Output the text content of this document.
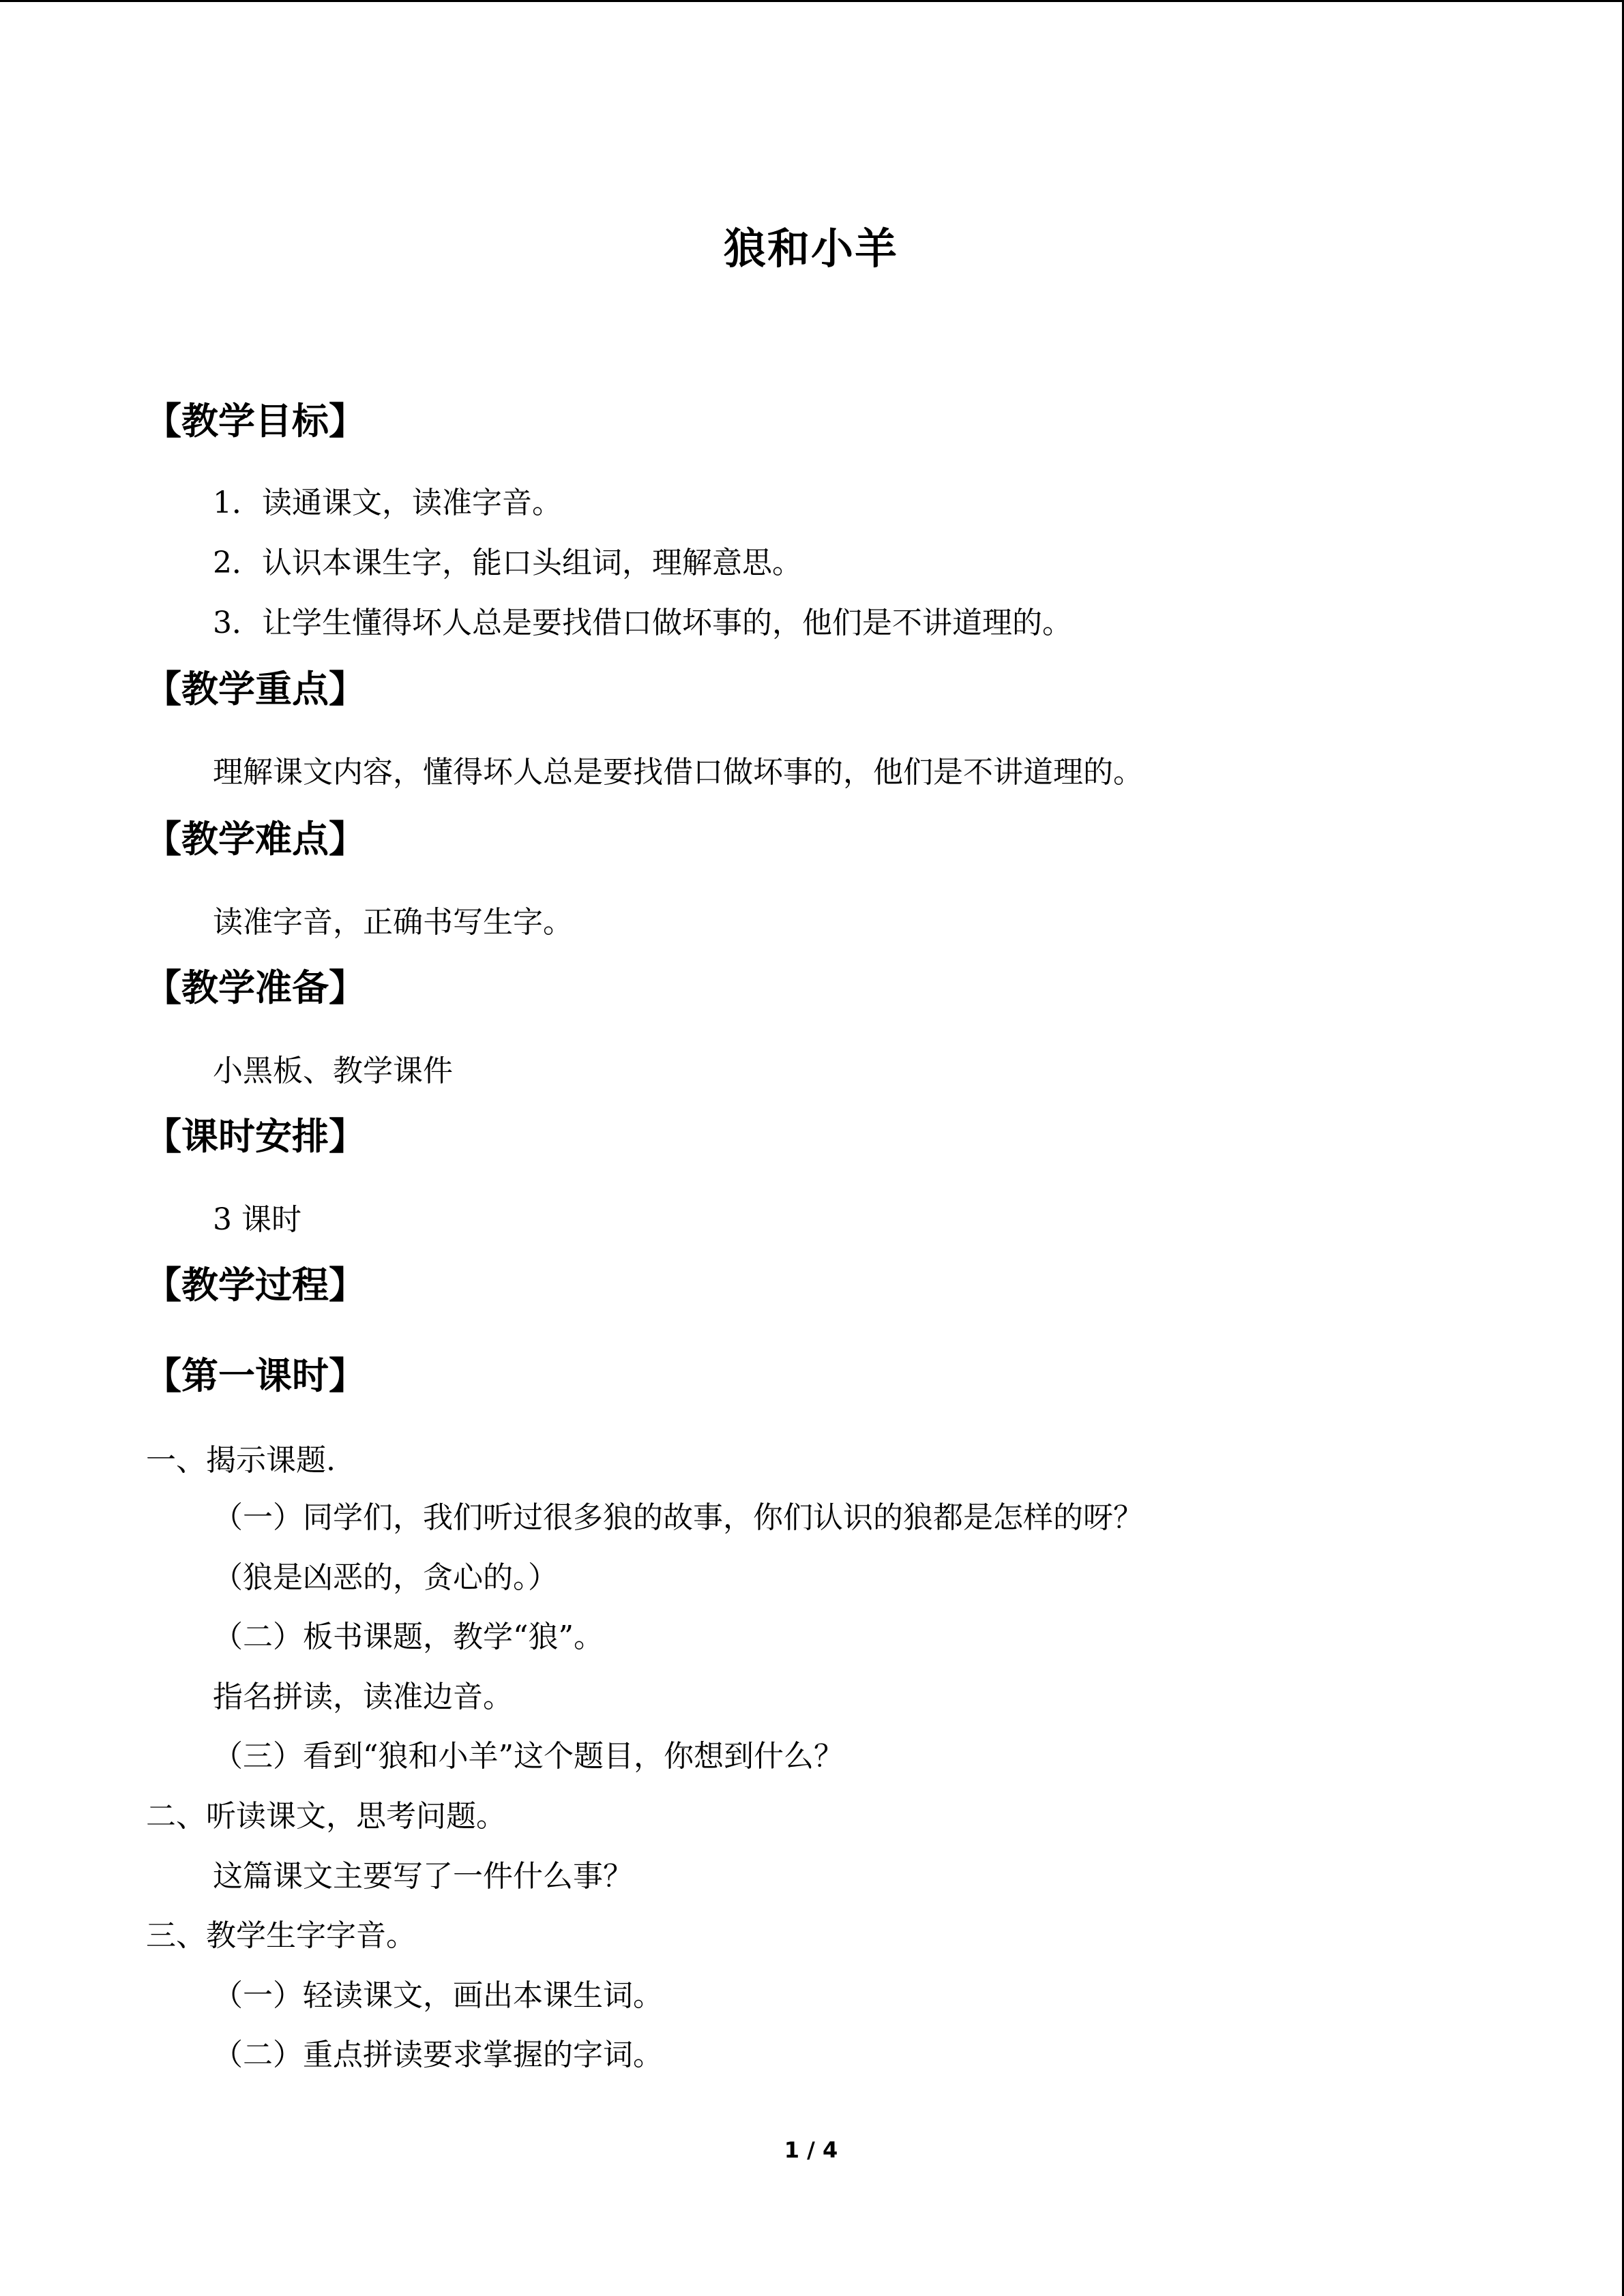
狼和小羊
【教学目标】
1．读通课文，读准字音。
2．认识本课生字，能口头组词，理解意思。
3．让学生懂得坏人总是要找借口做坏事的，他们是不讲道理的。
【教学重点】
理解课文内容，懂得坏人总是要找借口做坏事的，他们是不讲道理的。
【教学难点】
读准字音，正确书写生字。
【教学准备】
小黑板、教学课件
【课时安排】
3 课时
【教学过程】
【第一课时】
一、揭示课题.
（一）同学们，我们听过很多狼的故事，你们认识的狼都是怎样的呀？
（狼是凶恶的，贪心的。）
（二）板书课题，教学“狼”。
指名拼读，读准边音。
（三）看到“狼和小羊”这个题目，你想到什么？
二、听读课文，思考问题。
这篇课文主要写了一件什么事？
三、教学生字字音。
（一）轻读课文，画出本课生词。
（二）重点拼读要求掌握的字词。
1 / 4
